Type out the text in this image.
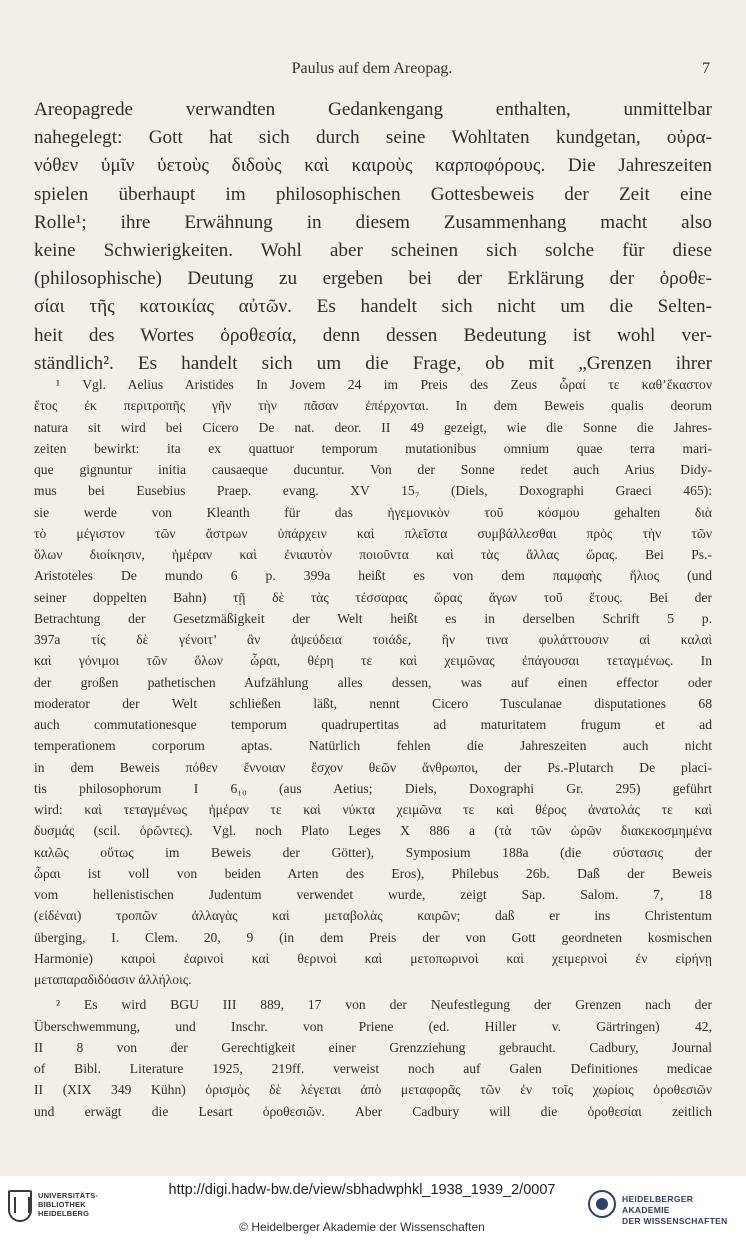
Paulus auf dem Areopag.	7
Areopagrede verwandten Gedankengang enthalten, unmittelbar
nahegelegt: Gott hat sich durch seine Wohltaten kundgetan, οὐρα-
νόθεν ὑμῖν ὑετοὺς διδοὺς καὶ καιροὺς καρποφόρους. Die Jahreszeiten
spielen überhaupt im philosophischen Gottesbeweis der Zeit eine
Rolle¹; ihre Erwähnung in diesem Zusammenhang macht also
keine Schwierigkeiten. Wohl aber scheinen sich solche für diese
(philosophische) Deutung zu ergeben bei der Erklärung der ὁροθε-
σίαι τῆς κατοικίας αὐτῶν. Es handelt sich nicht um die Selten-
heit des Wortes ὁροθεσία, denn dessen Bedeutung ist wohl ver-
ständlich². Es handelt sich um die Frage, ob mit „Grenzen ihrer
¹ Vgl. Aelius Aristides In Jovem 24 im Preis des Zeus ὧραί τε καθ’ἕκαστον
ἔτος ἐκ περιτροπῆς γῆν τὴν πᾶσαν ἐπέρχονται. In dem Beweis qualis deorum
natura sit wird bei Cicero De nat. deor. II 49 gezeigt, wie die Sonne die Jahres-
zeiten bewirkt: ita ex quattuor temporum mutationibus omnium quae terra mari-
que gignuntur initia causaeque ducuntur. Von der Sonne redet auch Arius Didy-
mus bei Eusebius Praep. evang. XV 15₇ (Diels, Doxographi Graeci 465):
sie werde von Kleanth für das ἡγεμονικὸν τοῦ κόσμου gehalten διὰ
τὸ μέγιστον τῶν ἄστρων ὑπάρχειν καὶ πλεῖστα συμβάλλεσθαι πρὸς τὴν τῶν
ὅλων διοίκησιν, ἡμέραν καὶ ἐνιαυτὸν ποιοῦντα καὶ τὰς ἄλλας ὥρας. Bei Ps.-
Aristoteles De mundo 6 p. 399a heißt es von dem παμφαὴς ἥλιος (und
seiner doppelten Bahn) τῇ δὲ τὰς τέσσαρας ὥρας ἄγων τοῦ ἔτους. Bei der
Betrachtung der Gesetzmäßigkeit der Welt heißt es in derselben Schrift 5 p.
397a τίς δὲ γένοιτ’ ἂν ἀψεύδεια τοιάδε, ἣν τινα φυλάττουσιν αἱ καλαὶ
καὶ γόνιμοι τῶν ὅλων ὧραι, θέρη τε καὶ χειμῶνας ἐπάγουσαι τεταγμένως. In
der großen pathetischen Aufzählung alles dessen, was auf einen effector oder
moderator der Welt schließen läßt, nennt Cicero Tusculanae disputationes 68
auch commutationesque temporum quadrupertitas ad maturitatem frugum et ad
temperationem corporum aptas. Natürlich fehlen die Jahreszeiten auch nicht
in dem Beweis πόθεν ἔννοιαν ἔσχον θεῶν ἄνθρωποι, der Ps.-Plutarch De placi-
tis philosophorum I 6₁₀ (aus Aetius; Diels, Doxographi Gr. 295) geführt
wird: καὶ τεταγμένως ἡμέραν τε καὶ νύκτα χειμῶνα τε καὶ θέρος ἀνατολάς τε καὶ
δυσμάς (scil. ὁρῶντες). Vgl. noch Plato Leges X 886 a (τὰ τῶν ὡρῶν διακεκοσμημένα
καλῶς οὕτως im Beweis der Götter), Symposium 188a (die σύστασις der
ὧραι ist voll von beiden Arten des Eros), Philebus 26b. Daß der Beweis
vom hellenistischen Judentum verwendet wurde, zeigt Sap. Salom. 7, 18
(εἰδέναι) τροπῶν ἀλλαγὰς καὶ μεταβολὰς καιρῶν; daß er ins Christentum
überging, I. Clem. 20, 9 (in dem Preis der von Gott geordneten kosmischen
Harmonie) καιροὶ ἐαρινοὶ καὶ θερινοὶ καὶ μετοπωρινοὶ καὶ χειμερινοὶ ἐν εἰρήνῃ
μεταπαραδιδόασιν ἀλλήλοις.
² Es wird BGU III 889, 17 von der Neufestlegung der Grenzen nach der
Überschwemmung, und Inschr. von Priene (ed. Hiller v. Gärtringen) 42,
II 8 von der Gerechtigkeit einer Grenzziehung gebraucht. Cadbury, Journal
of Bibl. Literature 1925, 219ff. verweist noch auf Galen Definitiones medicae
II (XIX 349 Kühn) ὁρισμὸς δὲ λέγεται ἀπὸ μεταφορᾶς τῶν ἐν τοῖς χωρίοις ὁροθεσιῶν
und erwägt die Lesart ὁροθεσιῶν. Aber Cadbury will die ὁροθεσίαι zeitlich
UNIVERSITÄTS-
BIBLIOTHEK
HEIDELBERG
http://digi.hadw-bw.de/view/sbhadwphkl_1938_1939_2/0007
© Heidelberger Akademie der Wissenschaften
HEIDELBERGER AKADEMIE
DER WISSENSCHAFTEN
